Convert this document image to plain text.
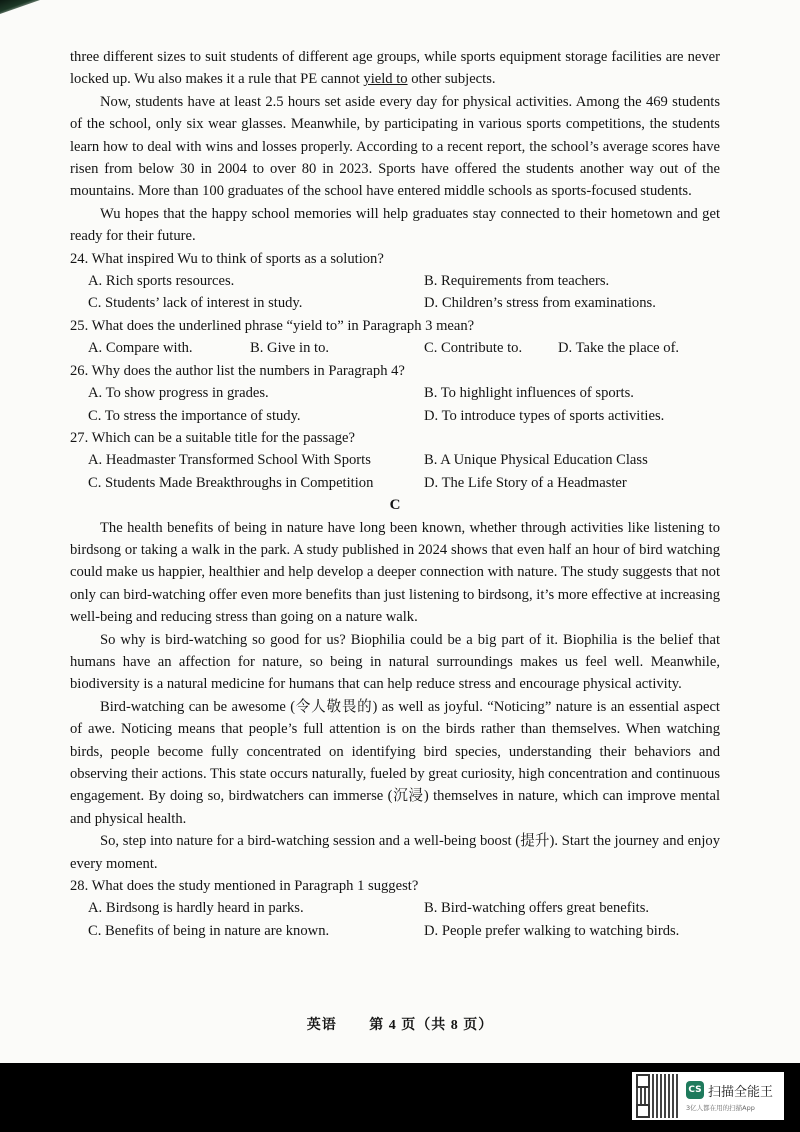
three different sizes to suit students of different age groups, while sports equipment storage facilities are never locked up. Wu also makes it a rule that PE cannot yield to other subjects.

Now, students have at least 2.5 hours set aside every day for physical activities. Among the 469 students of the school, only six wear glasses. Meanwhile, by participating in various sports competitions, the students learn how to deal with wins and losses properly. According to a recent report, the school’s average scores have risen from below 30 in 2004 to over 80 in 2023. Sports have offered the students another way out of the mountains. More than 100 graduates of the school have entered middle schools as sports-focused students.

Wu hopes that the happy school memories will help graduates stay connected to their hometown and get ready for their future.

24. What inspired Wu to think of sports as a solution?

A. Rich sports resources.	B. Requirements from teachers.
C. Students’ lack of interest in study.	D. Children’s stress from examinations.

25. What does the underlined phrase “yield to” in Paragraph 3 mean?

A. Compare with.	B. Give in to.	C. Contribute to.	D. Take the place of.

26. Why does the author list the numbers in Paragraph 4?

A. To show progress in grades.	B. To highlight influences of sports.
C. To stress the importance of study.	D. To introduce types of sports activities.

27. Which can be a suitable title for the passage?

A. Headmaster Transformed School With Sports	B. A Unique Physical Education Class
C. Students Made Breakthroughs in Competition	D. The Life Story of a Headmaster

C

The health benefits of being in nature have long been known, whether through activities like listening to birdsong or taking a walk in the park. A study published in 2024 shows that even half an hour of bird watching could make us happier, healthier and help develop a deeper connection with nature. The study suggests that not only can bird-watching offer even more benefits than just listening to birdsong, it’s more effective at increasing well-being and reducing stress than going on a nature walk.

So why is bird-watching so good for us? Biophilia could be a big part of it. Biophilia is the belief that humans have an affection for nature, so being in natural surroundings makes us feel well. Meanwhile, biodiversity is a natural medicine for humans that can help reduce stress and encourage physical activity.

Bird-watching can be awesome (令人敬畏的) as well as joyful. “Noticing” nature is an essential aspect of awe. Noticing means that people’s full attention is on the birds rather than themselves. When watching birds, people become fully concentrated on identifying bird species, understanding their behaviors and observing their actions. This state occurs naturally, fueled by great curiosity, high concentration and continuous engagement. By doing so, birdwatchers can immerse (沉浸) themselves in nature, which can improve mental and physical health.

So, step into nature for a bird-watching session and a well-being boost (提升). Start the journey and enjoy every moment.

28. What does the study mentioned in Paragraph 1 suggest?

A. Birdsong is hardly heard in parks.	B. Bird-watching offers great benefits.
C. Benefits of being in nature are known.	D. People prefer walking to watching birds.
英语 第 4 页（共 8 页）
CS 扫描全能王
3亿人都在用的扫描App
